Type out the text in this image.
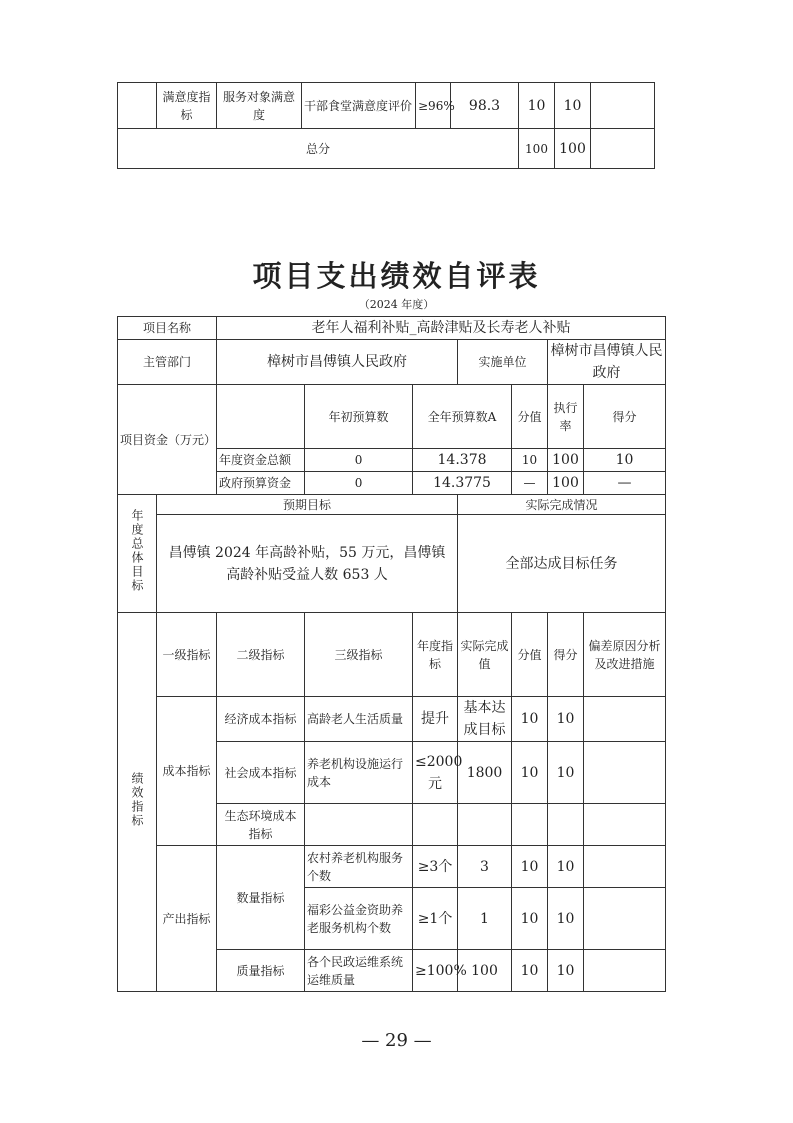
	满意度指标	服务对象满意度	干部食堂满意度评价	≥96%	98.3	10	10	
总分						100	100	
项目支出绩效自评表
（2024 年度）
项目名称		老年人福利补贴_高龄津贴及长寿老人补贴						
主管部门		樟树市昌傅镇人民政府			实施单位		樟树市昌傅镇人民政府	
项目资金（万元）			年初预算数	全年预算数A		分值	执行率	得分
		年度资金总额	0	14.378		10	100	10
		政府预算资金	0	14.3775		—	100	—
年度总体目标	预期目标				实际完成情况			
	昌傅镇 2024 年高龄补贴，55 万元，昌傅镇高龄补贴受益人数 653 人				全部达成目标任务			
绩效指标	一级指标	二级指标	三级指标	年度指标	实际完成值	分值	得分	偏差原因分析及改进措施
	成本指标	经济成本指标	高龄老人生活质量	提升	基本达成目标	10	10	
		社会成本指标	养老机构设施运行成本	≤2000元	1800	10	10	
		生态环境成本指标						
	产出指标	数量指标	农村养老机构服务个数	≥3个	3	10	10	
			福彩公益金资助养老服务机构个数	≥1个	1	10	10	
		质量指标	各个民政运维系统运维质量	≥100%	100	10	10	
— 29 —
